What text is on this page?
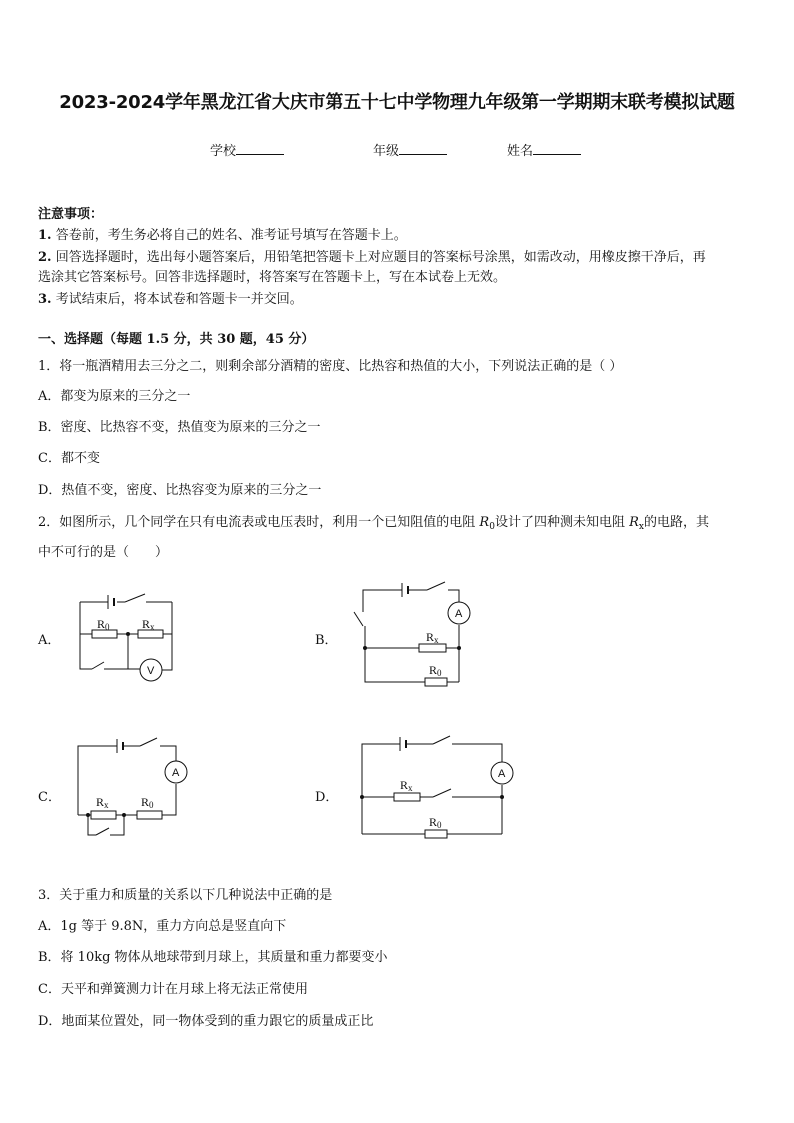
2023-2024学年黑龙江省大庆市第五十七中学物理九年级第一学期期末联考模拟试题
学校	年级	姓名
注意事项：
1. 答卷前，考生务必将自己的姓名、准考证号填写在答题卡上。
2. 回答选择题时，选出每小题答案后，用铅笔把答题卡上对应题目的答案标号涂黑，如需改动，用橡皮擦干净后，再
选涂其它答案标号。回答非选择题时，将答案写在答题卡上，写在本试卷上无效。
3. 考试结束后，将本试卷和答题卡一并交回。
一、选择题（每题 1.5 分，共 30 题，45 分）
1．将一瓶酒精用去三分之二，则剩余部分酒精的密度、比热容和热值的大小，下列说法正确的是（ ）
A．都变为原来的三分之一
B．密度、比热容不变，热值变为原来的三分之一
C．都不变
D．热值不变，密度、比热容变为原来的三分之一
2．如图所示，几个同学在只有电流表或电压表时，利用一个已知阻值的电阻 $R_0$设计了四种测未知电阻 $R_x$的电路，其
中不可行的是（　　）
A．	B．
C．	D．
V
R0	Rx
A
Rx
R0
A
Rx	R0
A
Rx
R0
3．关于重力和质量的关系以下几种说法中正确的是
A．1g 等于 9.8N，重力方向总是竖直向下
B．将 10kg 物体从地球带到月球上，其质量和重力都要变小
C．天平和弹簧测力计在月球上将无法正常使用
D．地面某位置处，同一物体受到的重力跟它的质量成正比
